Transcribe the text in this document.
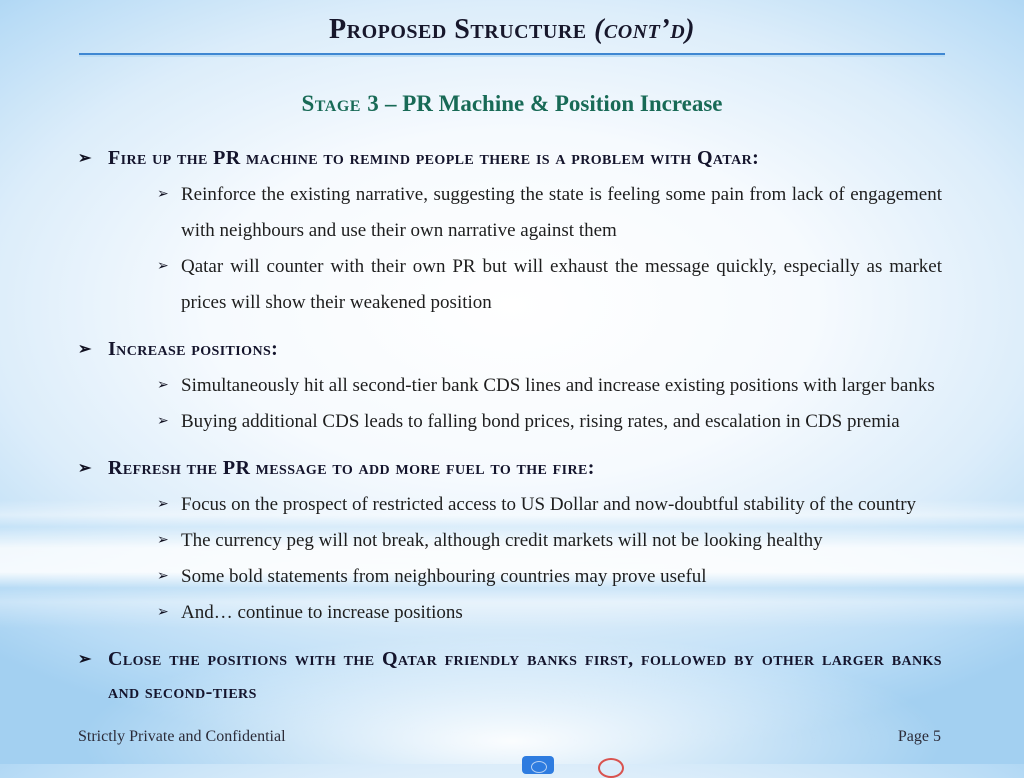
Proposed Structure (cont’d)
Stage 3 – PR Machine & Position Increase
➢ Fire up the PR machine to remind people there is a problem with Qatar:
➢ Reinforce the existing narrative, suggesting the state is feeling some pain from lack of engagement with neighbours and use their own narrative against them
➢ Qatar will counter with their own PR but will exhaust the message quickly, especially as market prices will show their weakened position
➢ Increase positions:
➢ Simultaneously hit all second-tier bank CDS lines and increase existing positions with larger banks
➢ Buying additional CDS leads to falling bond prices, rising rates, and escalation in CDS premia
➢ Refresh the PR message to add more fuel to the fire:
➢ Focus on the prospect of restricted access to US Dollar and now-doubtful stability of the country
➢ The currency peg will not break, although credit markets will not be looking healthy
➢ Some bold statements from neighbouring countries may prove useful
➢ And… continue to increase positions
➢ Close the positions with the Qatar friendly banks first, followed by other larger banks and second-tiers
Strictly Private and Confidential	Page 5
